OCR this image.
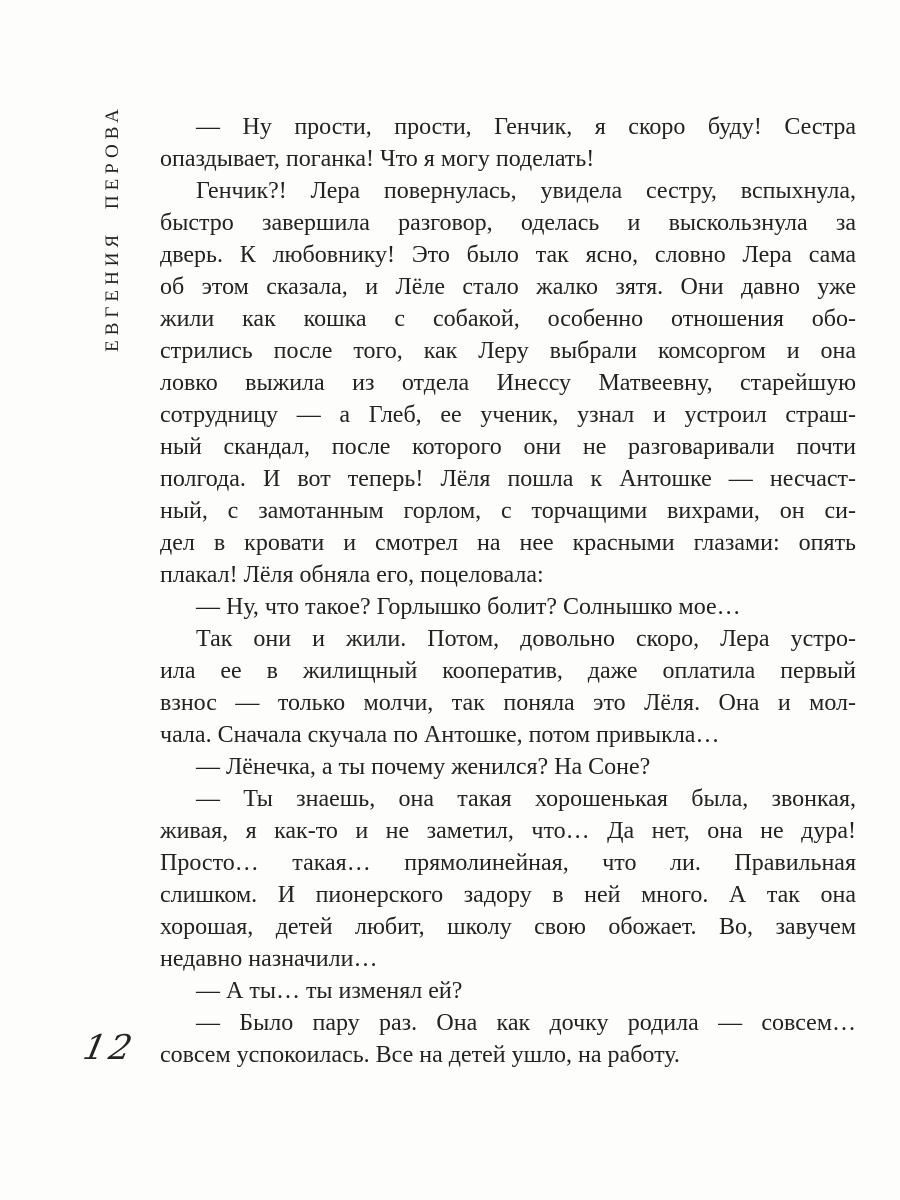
ЕВГЕНИЯ ПЕРОВА	— Ну прости, прости, Генчик, я скоро буду! Сестра
опаздывает, поганка! Что я могу поделать!
Генчик?! Лера повернулась, увидела сестру, вспыхнула,
быстро завершила разговор, оделась и выскользнула за
дверь. К любовнику! Это было так ясно, словно Лера сама
об этом сказала, и Лёле стало жалко зятя. Они давно уже
жили как кошка с собакой, особенно отношения обо-
стрились после того, как Леру выбрали комсоргом и она
ловко выжила из отдела Инессу Матвеевну, старейшую
сотрудницу — а Глеб, ее ученик, узнал и устроил страш-
ный скандал, после которого они не разговаривали почти
полгода. И вот теперь! Лёля пошла к Антошке — несчаст-
ный, с замотанным горлом, с торчащими вихрами, он си-
дел в кровати и смотрел на нее красными глазами: опять
плакал! Лёля обняла его, поцеловала:
— Ну, что такое? Горлышко болит? Солнышко мое…
Так они и жили. Потом, довольно скоро, Лера устро-
ила ее в жилищный кооператив, даже оплатила первый
взнос — только молчи, так поняла это Лёля. Она и мол-
чала. Сначала скучала по Антошке, потом привыкла…
— Лёнечка, а ты почему женился? На Соне?
— Ты знаешь, она такая хорошенькая была, звонкая,
живая, я как-то и не заметил, что… Да нет, она не дура!
Просто… такая… прямолинейная, что ли. Правильная
слишком. И пионерского задору в ней много. А так она
хорошая, детей любит, школу свою обожает. Во, завучем
недавно назначили…
— А ты… ты изменял ей?
— Было пару раз. Она как дочку родила — совсем…
совсем успокоилась. Все на детей ушло, на работу.
12
